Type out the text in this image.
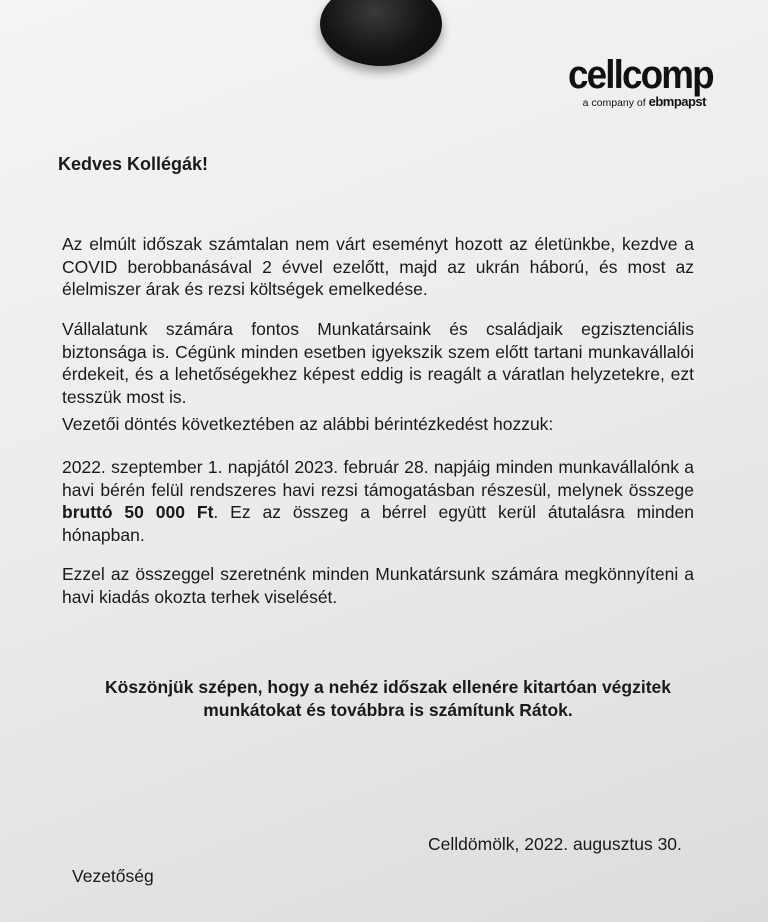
cellcomp
a company of ebmpapst
Kedves Kollégák!
Az elmúlt időszak számtalan nem várt eseményt hozott az életünkbe, kezdve a COVID berobbanásával 2 évvel ezelőtt, majd az ukrán háború, és most az élelmiszer árak és rezsi költségek emelkedése.
Vállalatunk számára fontos Munkatársaink és családjaik egzisztenciális biztonsága is. Cégünk minden esetben igyekszik szem előtt tartani munkavállalói érdekeit, és a lehetőségekhez képest eddig is reagált a váratlan helyzetekre, ezt tesszük most is.
Vezetői döntés következtében az alábbi bérintézkedést hozzuk:
2022. szeptember 1. napjától 2023. február 28. napjáig minden munkavállalónk a havi bérén felül rendszeres havi rezsi támogatásban részesül, melynek összege bruttó 50 000 Ft. Ez az összeg a bérrel együtt kerül átutalásra minden hónapban.
Ezzel az összeggel szeretnénk minden Munkatársunk számára megkönnyíteni a havi kiadás okozta terhek viselését.
Köszönjük szépen, hogy a nehéz időszak ellenére kitartóan végzitek
munkátokat és továbbra is számítunk Rátok.
Celldömölk, 2022. augusztus 30.
Vezetőség
